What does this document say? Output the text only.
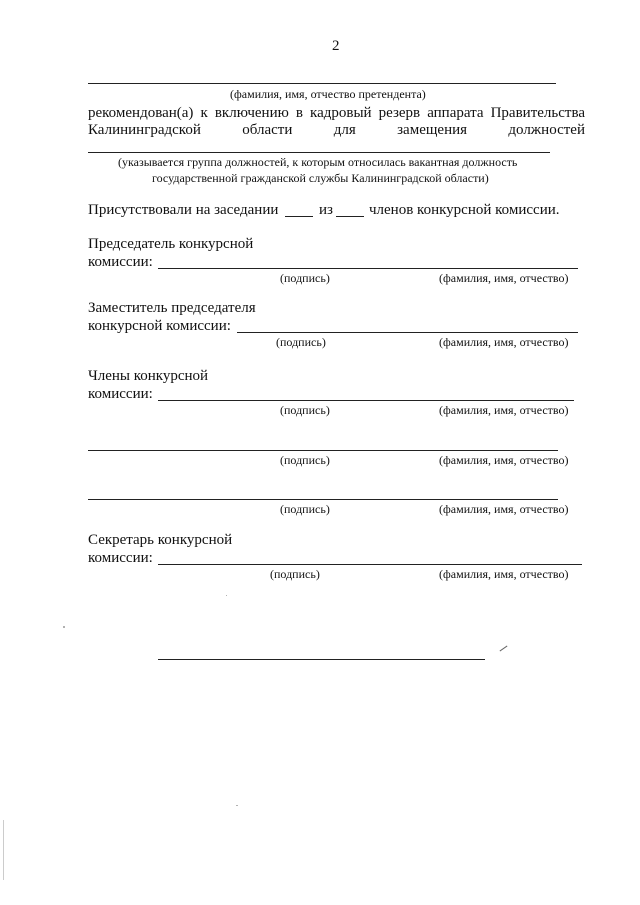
2
(фамилия, имя, отчество претендента)
рекомендован(а) к включению в кадровый резерв аппарата Правительства
Калининградской	области	для	замещения	должностей
(указывается группа должностей, к которым относилась вакантная должность
государственной гражданской службы Калининградской области)
Присутствовали на заседании	из членов конкурсной комиссии.
Председатель конкурсной
комиссии:
(подпись)	(фамилия, имя, отчество)
Заместитель председателя
конкурсной комиссии:
(подпись)	(фамилия, имя, отчество)
Члены конкурсной
комиссии:
(подпись)	(фамилия, имя, отчество)
(подпись)	(фамилия, имя, отчество)
(подпись)	(фамилия, имя, отчество)
Секретарь конкурсной
комиссии:
(подпись)	(фамилия, имя, отчество)
